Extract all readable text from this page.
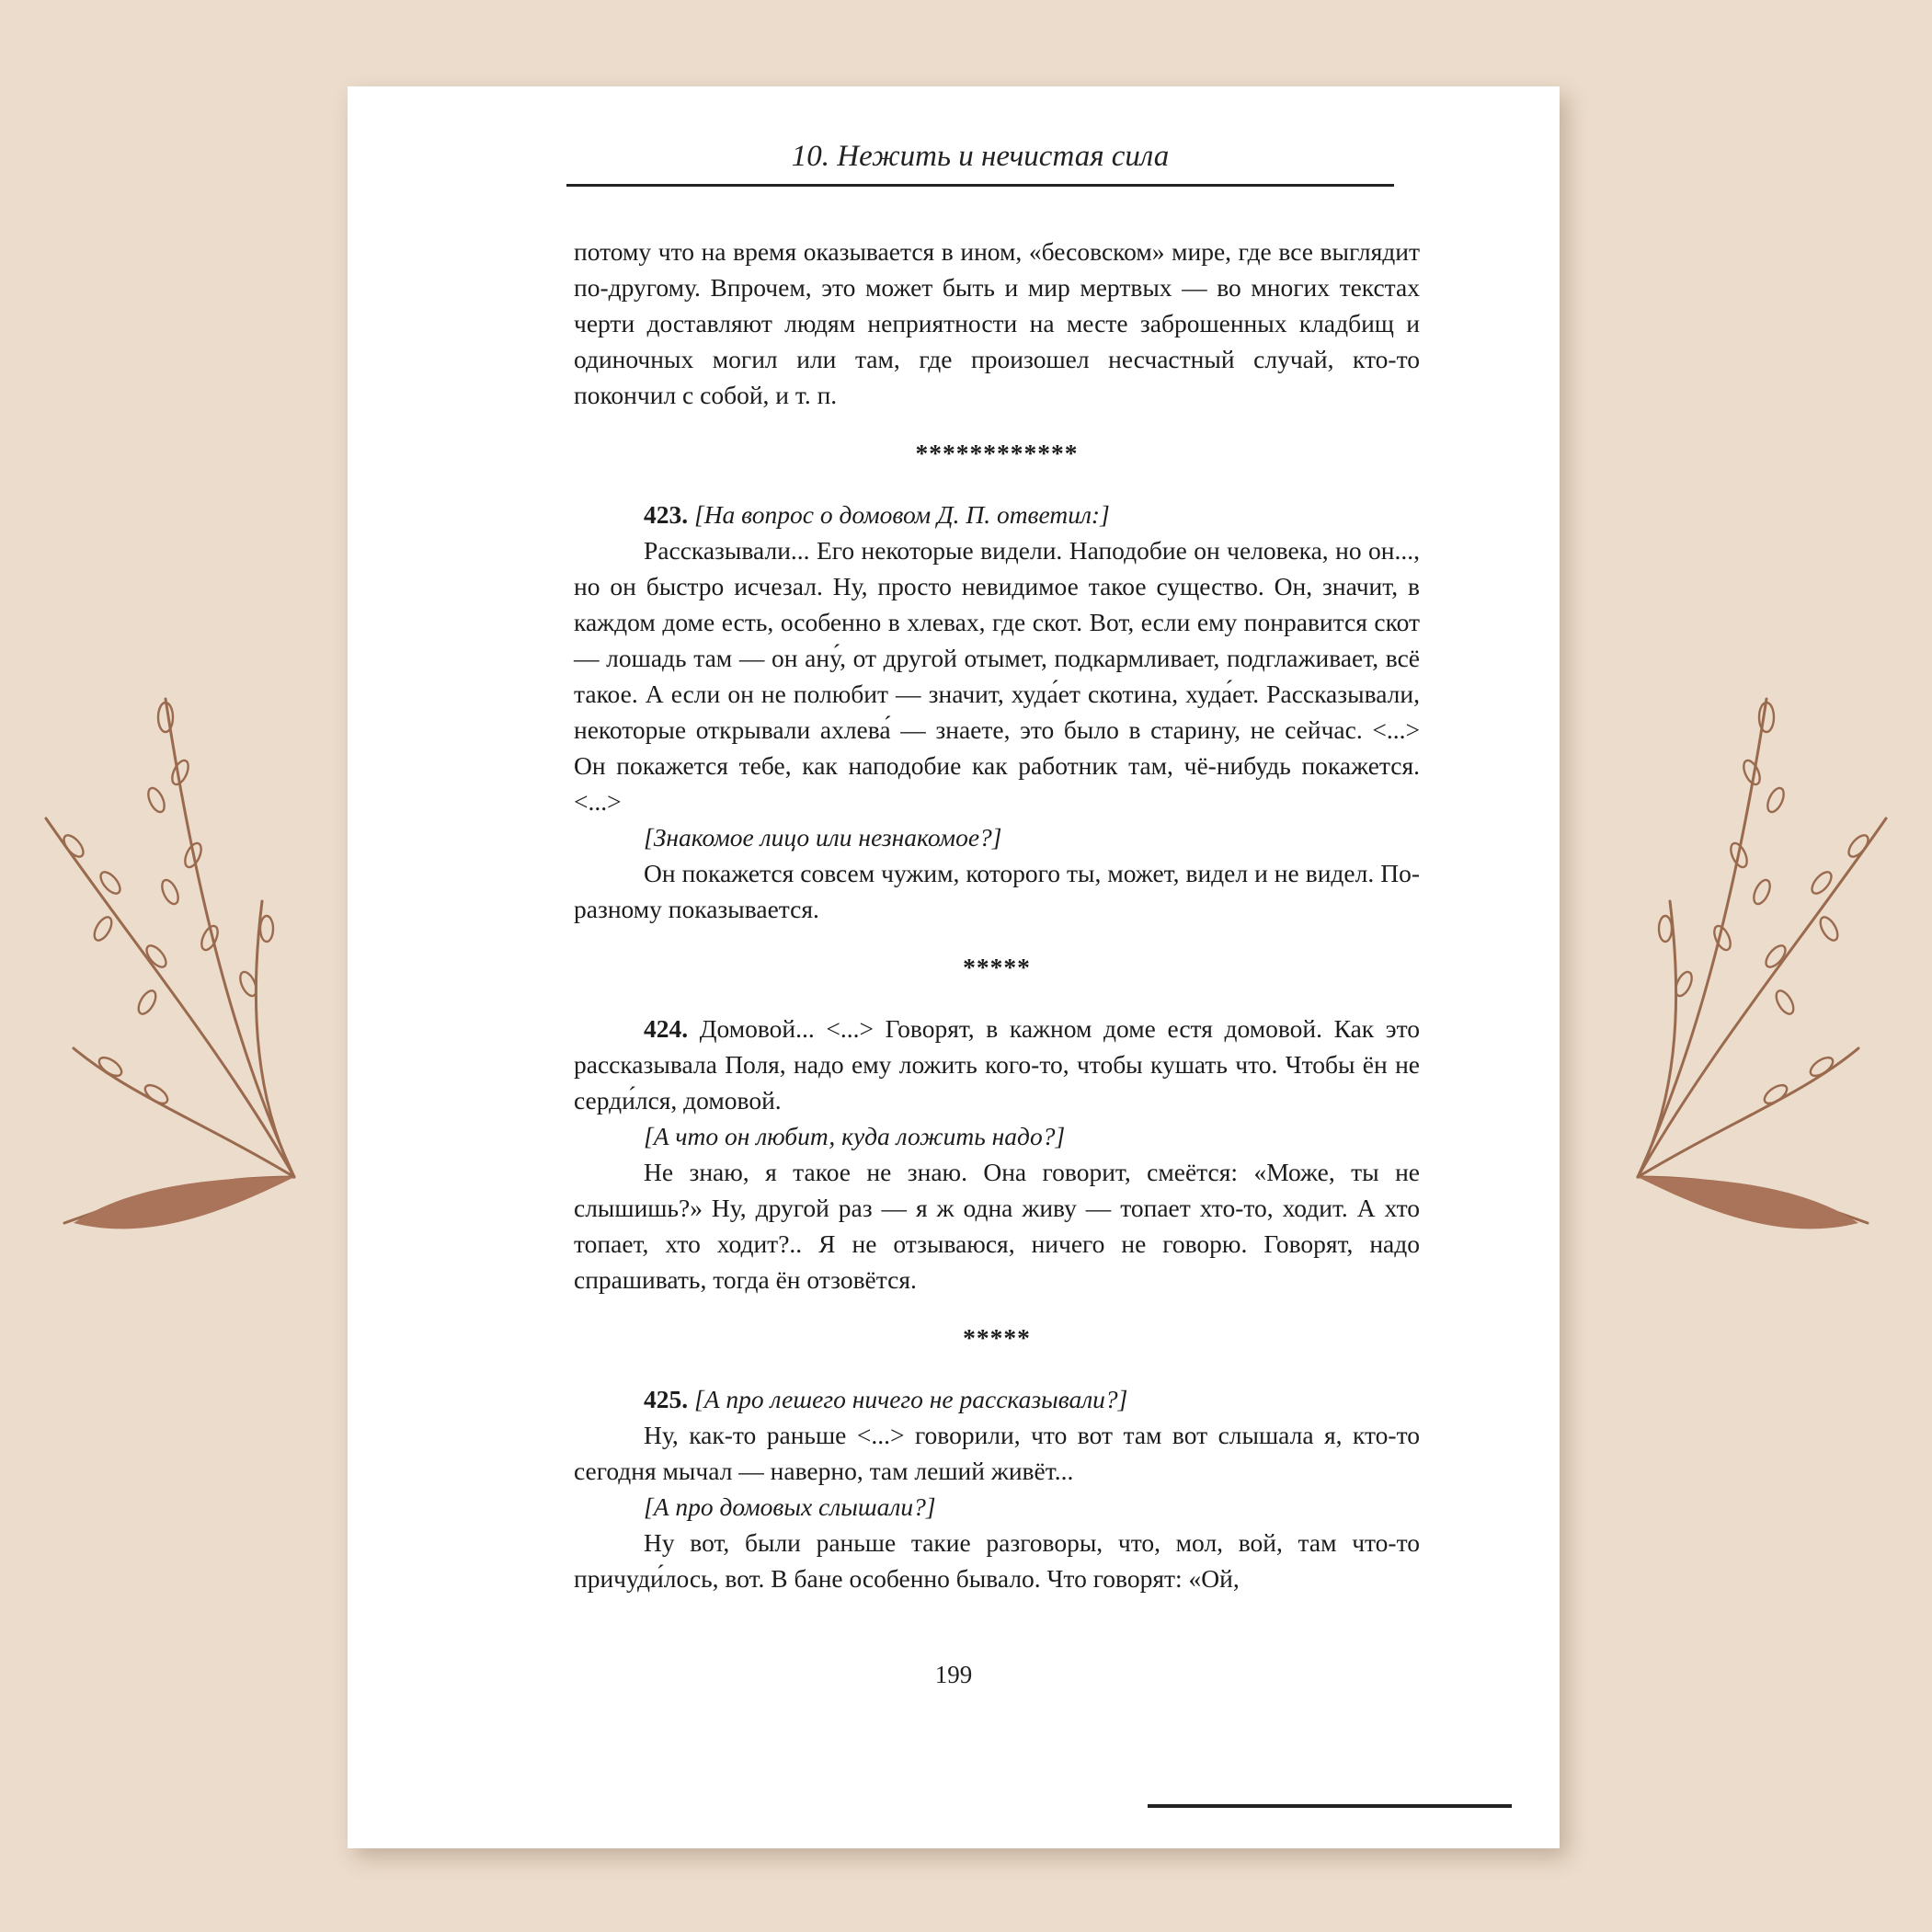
10. Нежить и нечистая сила

потому что на время оказывается в ином, «бесовском» мире, где все выглядит по-другому. Впрочем, это может быть и мир мертвых — во многих текстах черти доставляют людям неприятности на месте заброшенных кладбищ и одиночных могил или там, где произошел несчастный случай, кто-то покончил с собой, и т. п.

************

423. [На вопрос о домовом Д. П. ответил:]

Рассказывали... Его некоторые видели. Наподобие он человека, но он..., но он быстро исчезал. Ну, просто невидимое такое существо. Он, значит, в каждом доме есть, особенно в хлевах, где скот. Вот, если ему понравится скот — лошадь там — он ану́, от другой отымет, подкармливает, подглаживает, всё такое. А если он не полюбит — значит, худа́ет скотина, худа́ет. Рассказывали, некоторые открывали ахлева́ — знаете, это было в старину, не сейчас. <...> Он покажется тебе, как наподобие как работник там, чё-нибудь покажется. <...>

[Знакомое лицо или незнакомое?]

Он покажется совсем чужим, которого ты, может, видел и не видел. По-разному показывается.

*****

424. Домовой... <...> Говорят, в кажном доме естя домовой. Как это рассказывала Поля, надо ему ложить кого-то, чтобы кушать что. Чтобы ён не серди́лся, домовой.

[А что он любит, куда ложить надо?]

Не знаю, я такое не знаю. Она говорит, смеётся: «Може, ты не слышишь?» Ну, другой раз — я ж одна живу — топает хто-то, ходит. А хто топает, хто ходит?.. Я не отзываюся, ничего не говорю. Говорят, надо спрашивать, тогда ён отзовётся.

*****

425. [А про лешего ничего не рассказывали?]

Ну, как-то раньше <...> говорили, что вот там вот слышала я, кто-то сегодня мычал — наверно, там леший живёт...

[А про домовых слышали?]

Ну вот, были раньше такие разговоры, что, мол, вой, там что-то причуди́лось, вот. В бане особенно бывало. Что говорят: «Ой,

199
